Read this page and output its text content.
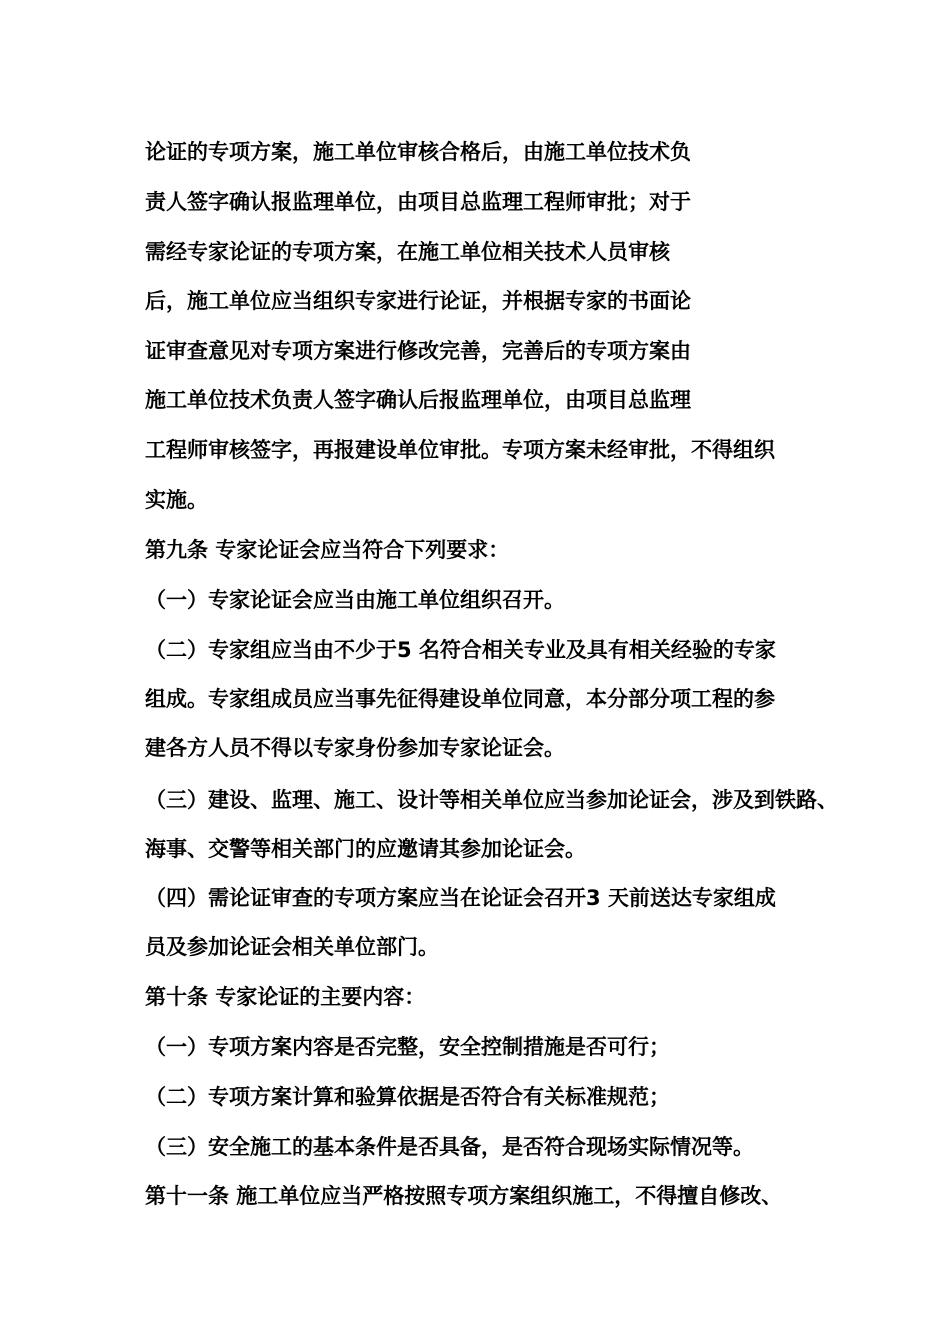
论证的专项方案，施工单位审核合格后，由施工单位技术负
责人签字确认报监理单位，由项目总监理工程师审批；对于
需经专家论证的专项方案，在施工单位相关技术人员审核
后，施工单位应当组织专家进行论证，并根据专家的书面论
证审查意见对专项方案进行修改完善，完善后的专项方案由
施工单位技术负责人签字确认后报监理单位，由项目总监理
工程师审核签字，再报建设单位审批。专项方案未经审批，不得组织
实施。
第九条 专家论证会应当符合下列要求：
（一）专家论证会应当由施工单位组织召开。
（二）专家组应当由不少于5 名符合相关专业及具有相关经验的专家
组成。专家组成员应当事先征得建设单位同意，本分部分项工程的参
建各方人员不得以专家身份参加专家论证会。
（三）建设、监理、施工、设计等相关单位应当参加论证会，涉及到铁路、
海事、交警等相关部门的应邀请其参加论证会。
（四）需论证审查的专项方案应当在论证会召开3 天前送达专家组成
员及参加论证会相关单位部门。
第十条 专家论证的主要内容：
（一）专项方案内容是否完整，安全控制措施是否可行；
（二）专项方案计算和验算依据是否符合有关标准规范；
（三）安全施工的基本条件是否具备，是否符合现场实际情况等。
第十一条 施工单位应当严格按照专项方案组织施工，不得擅自修改、
